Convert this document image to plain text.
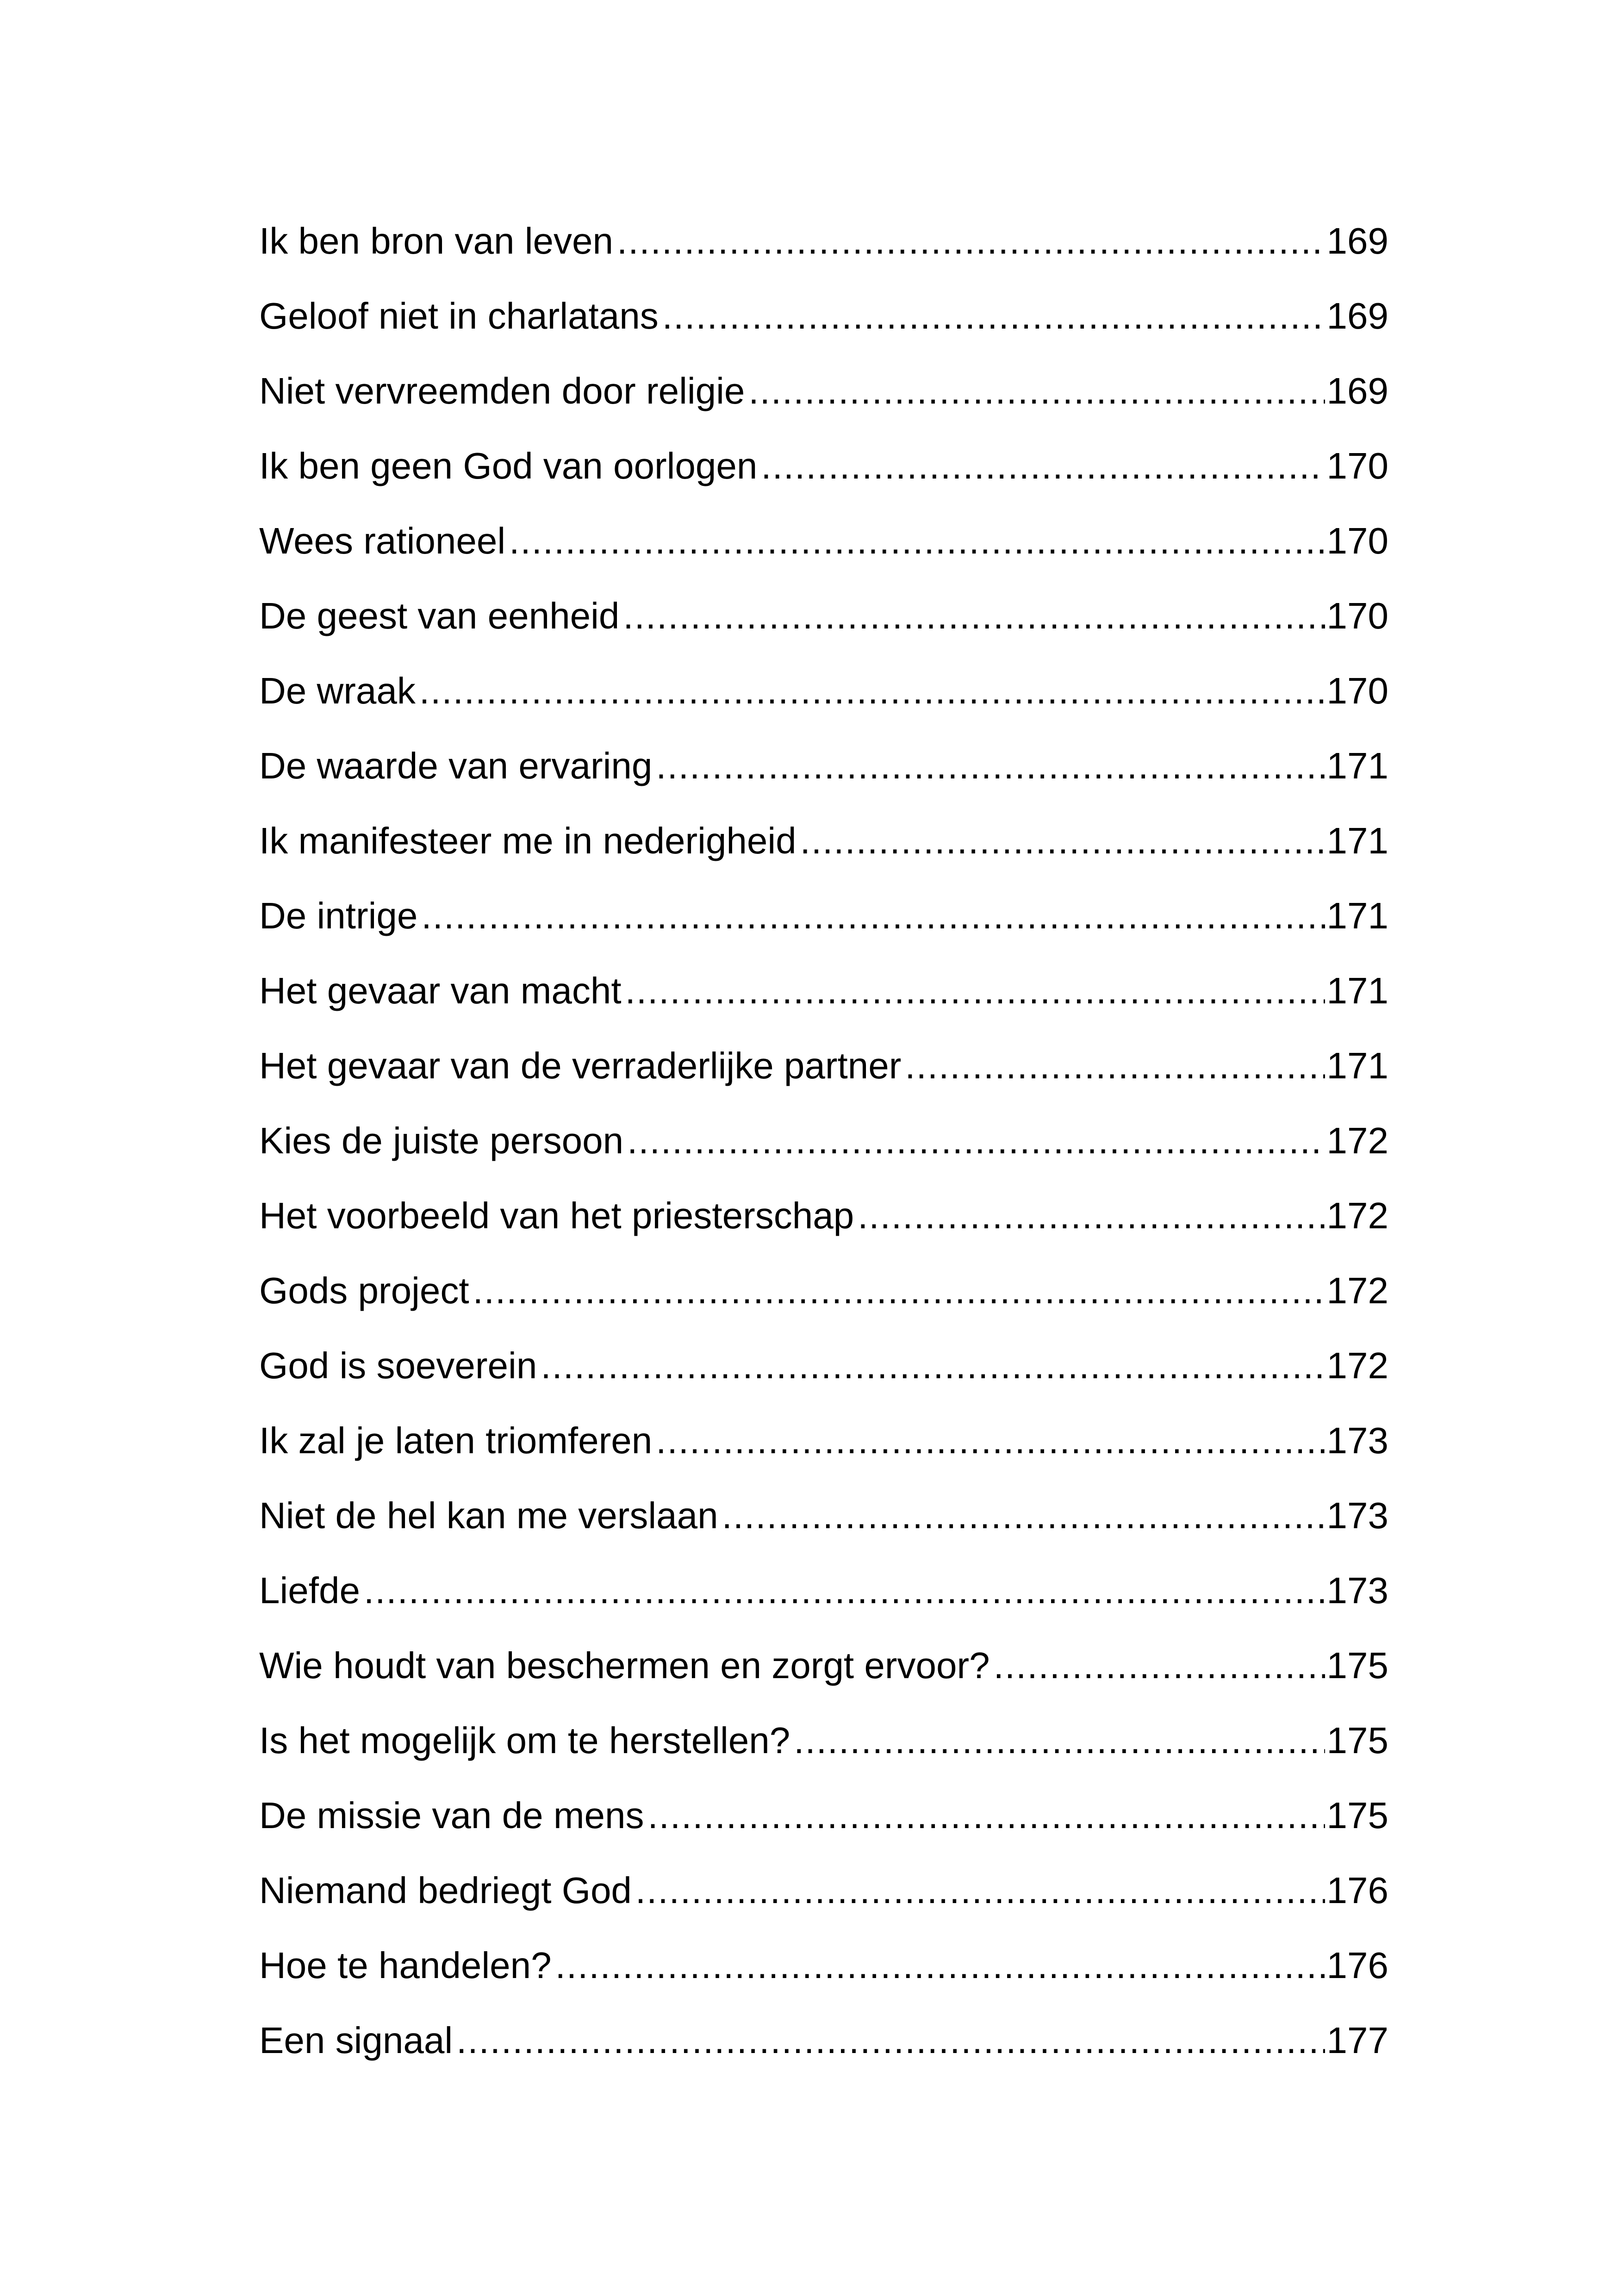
Ik ben bron van leven .....	169
Geloof niet in charlatans .....	169
Niet vervreemden door religie .....	169
Ik ben geen God van oorlogen .....	170
Wees rationeel .....	170
De geest van eenheid .....	170
De wraak .....	170
De waarde van ervaring .....	171
Ik manifesteer me in nederigheid .....	171
De intrige .....	171
Het gevaar van macht .....	171
Het gevaar van de verraderlijke partner .....	171
Kies de juiste persoon .....	172
Het voorbeeld van het priesterschap .....	172
Gods project .....	172
God is soeverein .....	172
Ik zal je laten triomferen .....	173
Niet de hel kan me verslaan .....	173
Liefde .....	173
Wie houdt van beschermen en zorgt ervoor? .....	175
Is het mogelijk om te herstellen? .....	175
De missie van de mens .....	175
Niemand bedriegt God .....	176
Hoe te handelen? .....	176
Een signaal .....	177
